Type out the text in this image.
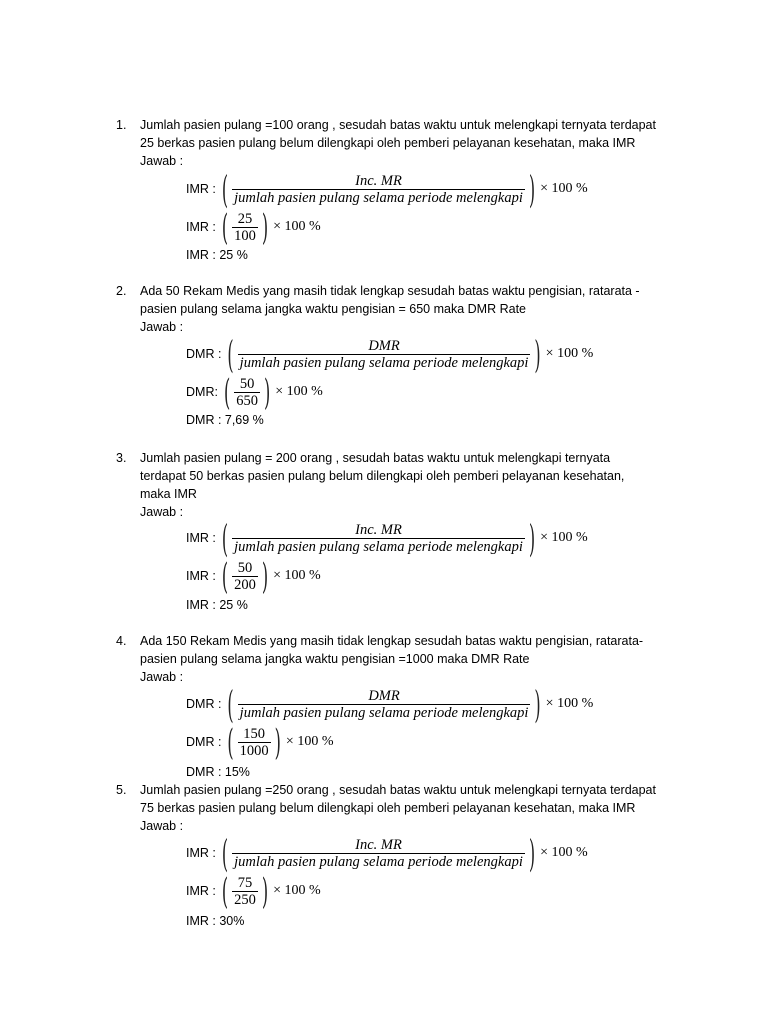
1. Jumlah pasien pulang =100 orang , sesudah batas waktu untuk melengkapi ternyata terdapat
25 berkas pasien pulang belum dilengkapi oleh pemberi pelayanan kesehatan, maka IMR
Jawab :
IMR : ( $\frac{\text{Inc. MR}}{\text{jumlah pasien pulang selama periode melengkapi}}$ ) × 100 %
IMR : ( $\frac{25}{100}$ ) × 100 %
IMR : 25 %
2. Ada 50 Rekam Medis yang masih tidak lengkap sesudah batas waktu pengisian, ratarata -
pasien pulang selama jangka waktu pengisian = 650 maka DMR Rate
Jawab :
DMR : ( $\frac{\text{DMR}}{\text{jumlah pasien pulang selama periode melengkapi}}$ ) × 100 %
DMR: ( $\frac{50}{650}$ ) × 100 %
DMR : 7,69 %
3. Jumlah pasien pulang = 200 orang , sesudah batas waktu untuk melengkapi ternyata
terdapat 50 berkas pasien pulang belum dilengkapi oleh pemberi pelayanan kesehatan,
maka IMR
Jawab :
IMR : ( $\frac{\text{Inc. MR}}{\text{jumlah pasien pulang selama periode melengkapi}}$ ) × 100 %
IMR : ( $\frac{50}{200}$ ) × 100 %
IMR : 25 %
4. Ada 150 Rekam Medis yang masih tidak lengkap sesudah batas waktu pengisian, ratarata-
pasien pulang selama jangka waktu pengisian =1000 maka DMR Rate
Jawab :
DMR : ( $\frac{\text{DMR}}{\text{jumlah pasien pulang selama periode melengkapi}}$ ) × 100 %
DMR : ( $\frac{150}{1000}$ ) × 100 %
DMR : 15%
5. Jumlah pasien pulang =250 orang , sesudah batas waktu untuk melengkapi ternyata terdapat
75 berkas pasien pulang belum dilengkapi oleh pemberi pelayanan kesehatan, maka IMR
Jawab :
IMR : ( $\frac{\text{Inc. MR}}{\text{jumlah pasien pulang selama periode melengkapi}}$ ) × 100 %
IMR : ( $\frac{75}{250}$ ) × 100 %
IMR : 30%
